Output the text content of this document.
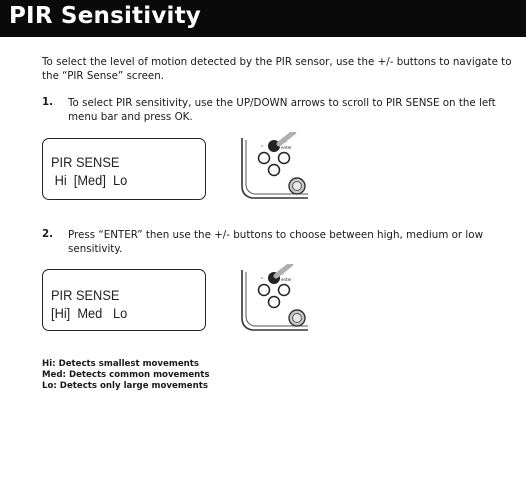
PIR Sensitivity

To select the level of motion detected by the PIR sensor, use the +/- buttons to navigate to the “PIR Sense” screen.

1. To select PIR sensitivity, use the UP/DOWN arrows to scroll to PIR SENSE on the left menu bar and press OK.

PIR SENSE
Hi  [Med]  Lo
⌃	enter
2. Press “ENTER” then use the +/- buttons to choose between high, medium or low sensitivity.

PIR SENSE
[Hi]  Med   Lo
⌃	enter
Hi: Detects smallest movements
Med: Detects common movements
Lo: Detects only large movements
